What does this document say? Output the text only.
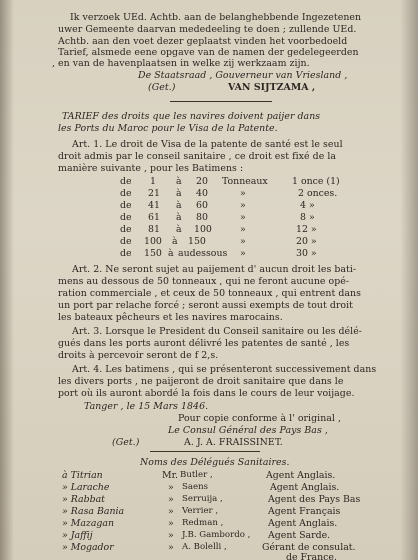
Ik verzoek UEd. Achtb. aan de belanghebbende Ingezetenen
uwer Gemeente daarvan mededeeling te doen ; zullende UEd.
Achtb. aan den voet dezer geplaatst vinden het voorbedoeld
Tarief, alsmede eene opgave van de namen der gedelegeerden
, en van de havenplaatsen in welke zij werkzaam zijn.
De Staatsraad , Gouverneur van Vriesland ,
(Get.)	VAN SIJTZAMA ,
TARIEF des droits que les navires doivent paijer dans
les Ports du Maroc pour le Visa de la Patente.
Art. 1. Le droit de Visa de la patente de santé est le seul
droit admis par le conseil sanitaire , ce droit est fixé de la
manière suivante , pour les Batimens :
de 1 à 20 Tonneaux	1 once (1)
de 21 à 40	»	2 onces.
de 41 à 60	»	4 »
de 61 à 80	»	8 »
de 81 à 100	»	12 »
de 100 à 150	»	20 »
de 150 à audessous »	30 »
Art. 2. Ne seront sujet au paijement d' aucun droit les bati-
mens au dessous de 50 tonneaux , qui ne feront aucune opé-
ration commerciale , et ceux de 50 tonneaux , qui entrent dans
un port par relache forcé ; seront aussi exempts de tout droit
les bateaux pêcheurs et les navires marocains.
Art. 3. Lorsque le President du Conseil sanitaire ou les délé-
gués dans les ports auront délivré les patentes de santé , les
droits à percevoir seront de f 2,s.
Art. 4. Les batimens , qui se présenteront successivement dans
les divers ports , ne paijeront de droit sanitaire que dans le
port où ils auront abordé la fois dans le cours de leur voijage.
Tanger , le 15 Mars 1846.
Pour copie conforme à l' original ,
Le Consul Général des Pays Bas ,
(Get.)	A. J. A. FRAISSINET.
Noms des Délégués Sanitaires.
à Titrian	Mr. Butler ,	Agent Anglais.
» Larache	» Saens	Agent Anglais.
» Rabbat	» Serruija ,	Agent des Pays Bas
» Rasa Bania	» Verrier ,	Agent Français
» Mazagan	» Redman ,	Agent Anglais.
» Jaffij	» J.B. Gambordo , Agent Sarde.
» Mogador	» A. Bolelli ,	Gérant de consulat.
de France.
